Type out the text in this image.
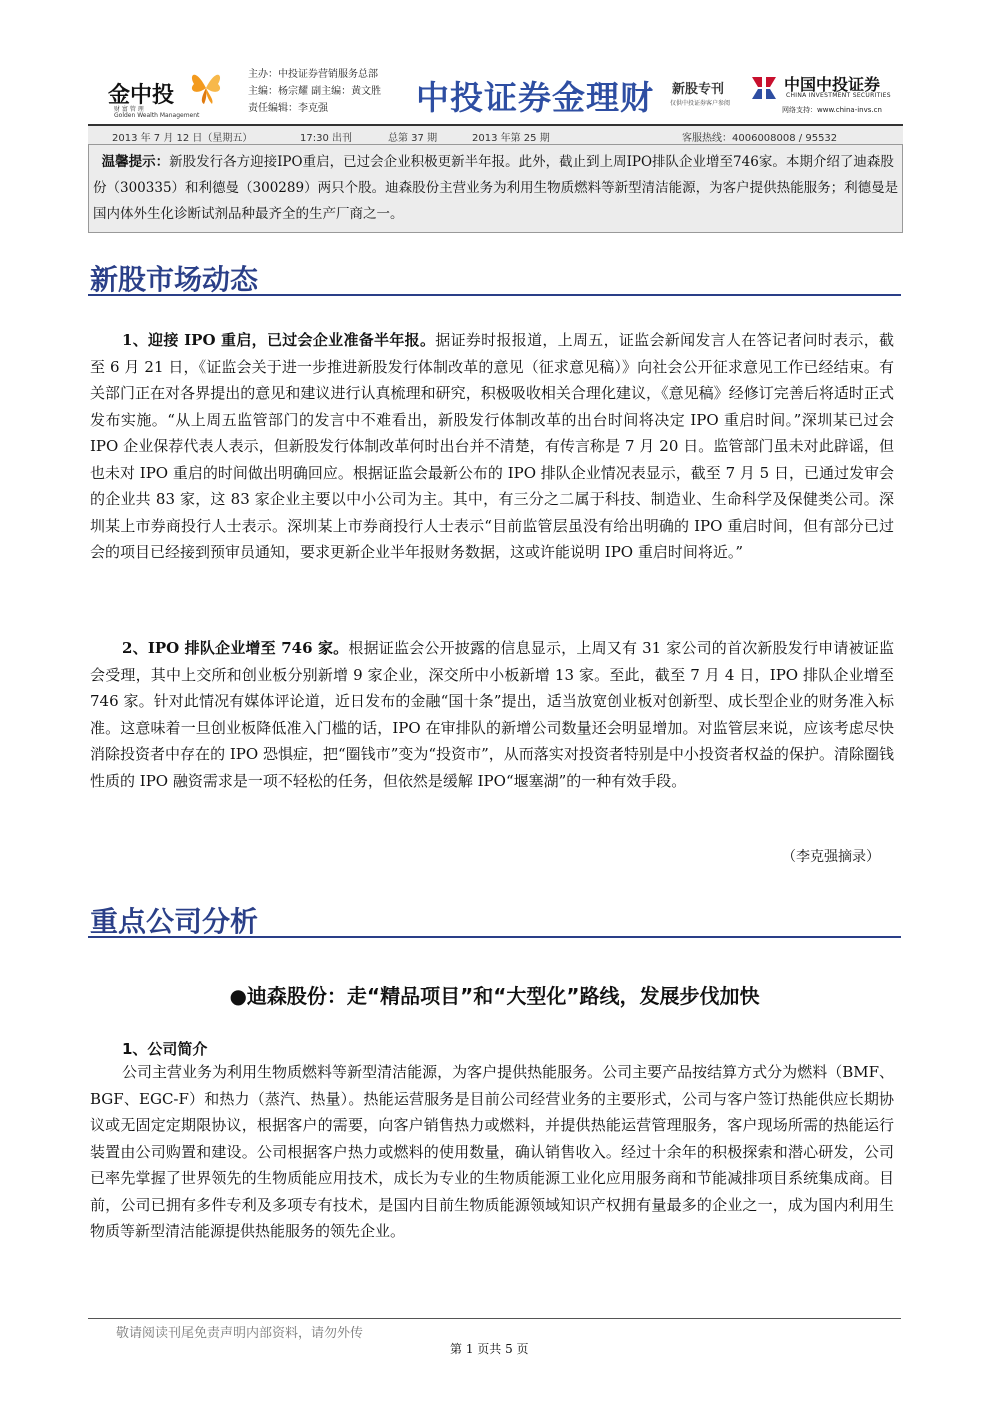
金中投
财 富 管 理
Golden Wealth Management
主办：中投证券营销服务总部
主编：杨宗耀 副主编：黄文胜
责任编辑：李克强	中投证券金理财 新股专刊
仅供中投证券客户参阅
中国中投证券
CHINA INVESTMENT SECURITIES
网络支持：www.china-invs.cn
2013 年 7 月 12 日（星期五）	17:30 出刊	总第 37 期	2013 年第 25 期	客服热线：4006008008 / 95532
温馨提示：新股发行各方迎接IPO重启，已过会企业积极更新半年报。此外，截止到上周IPO排队企业增至746家。本期介绍了迪森股份（300335）和利德曼（300289）两只个股。迪森股份主营业务为利用生物质燃料等新型清洁能源，为客户提供热能服务；利德曼是国内体外生化诊断试剂品种最齐全的生产厂商之一。
新股市场动态
1、迎接 IPO 重启，已过会企业准备半年报。据证券时报报道，上周五，证监会新闻发言人在答记者问时表示，截至 6 月 21 日，《证监会关于进一步推进新股发行体制改革的意见（征求意见稿）》向社会公开征求意见工作已经结束。有关部门正在对各界提出的意见和建议进行认真梳理和研究，积极吸收相关合理化建议，《意见稿》经修订完善后将适时正式发布实施。“从上周五监管部门的发言中不难看出，新股发行体制改革的出台时间将决定 IPO 重启时间。”深圳某已过会 IPO 企业保荐代表人表示，但新股发行体制改革何时出台并不清楚，有传言称是 7 月 20 日。监管部门虽未对此辟谣，但也未对 IPO 重启的时间做出明确回应。根据证监会最新公布的 IPO 排队企业情况表显示，截至 7 月 5 日，已通过发审会的企业共 83 家，这 83 家企业主要以中小公司为主。其中，有三分之二属于科技、制造业、生命科学及保健类公司。深圳某上市券商投行人士表示。深圳某上市券商投行人士表示“目前监管层虽没有给出明确的 IPO 重启时间，但有部分已过会的项目已经接到预审员通知，要求更新企业半年报财务数据，这或许能说明 IPO 重启时间将近。”
2、IPO 排队企业增至 746 家。根据证监会公开披露的信息显示，上周又有 31 家公司的首次新股发行申请被证监会受理，其中上交所和创业板分别新增 9 家企业，深交所中小板新增 13 家。至此，截至 7 月 4 日，IPO 排队企业增至 746 家。针对此情况有媒体评论道，近日发布的金融“国十条”提出，适当放宽创业板对创新型、成长型企业的财务准入标准。这意味着一旦创业板降低准入门槛的话，IPO 在审排队的新增公司数量还会明显增加。对监管层来说，应该考虑尽快消除投资者中存在的 IPO 恐惧症，把“圈钱市”变为“投资市”，从而落实对投资者特别是中小投资者权益的保护。清除圈钱性质的 IPO 融资需求是一项不轻松的任务，但依然是缓解 IPO“堰塞湖”的一种有效手段。
（李克强摘录）
重点公司分析
●迪森股份：走“精品项目”和“大型化”路线，发展步伐加快
1、公司简介
公司主营业务为利用生物质燃料等新型清洁能源，为客户提供热能服务。公司主要产品按结算方式分为燃料（BMF、BGF、EGC-F）和热力（蒸汽、热量）。热能运营服务是目前公司经营业务的主要形式，公司与客户签订热能供应长期协议或无固定定期限协议，根据客户的需要，向客户销售热力或燃料，并提供热能运营管理服务，客户现场所需的热能运行装置由公司购置和建设。公司根据客户热力或燃料的使用数量，确认销售收入。经过十余年的积极探索和潜心研发，公司已率先掌握了世界领先的生物质能应用技术，成长为专业的生物质能源工业化应用服务商和节能减排项目系统集成商。目前，公司已拥有多件专利及多项专有技术，是国内目前生物质能源领域知识产权拥有量最多的企业之一，成为国内利用生物质等新型清洁能源提供热能服务的领先企业。
敬请阅读刊尾免责声明内部资料，请勿外传
第 1 页共 5 页
